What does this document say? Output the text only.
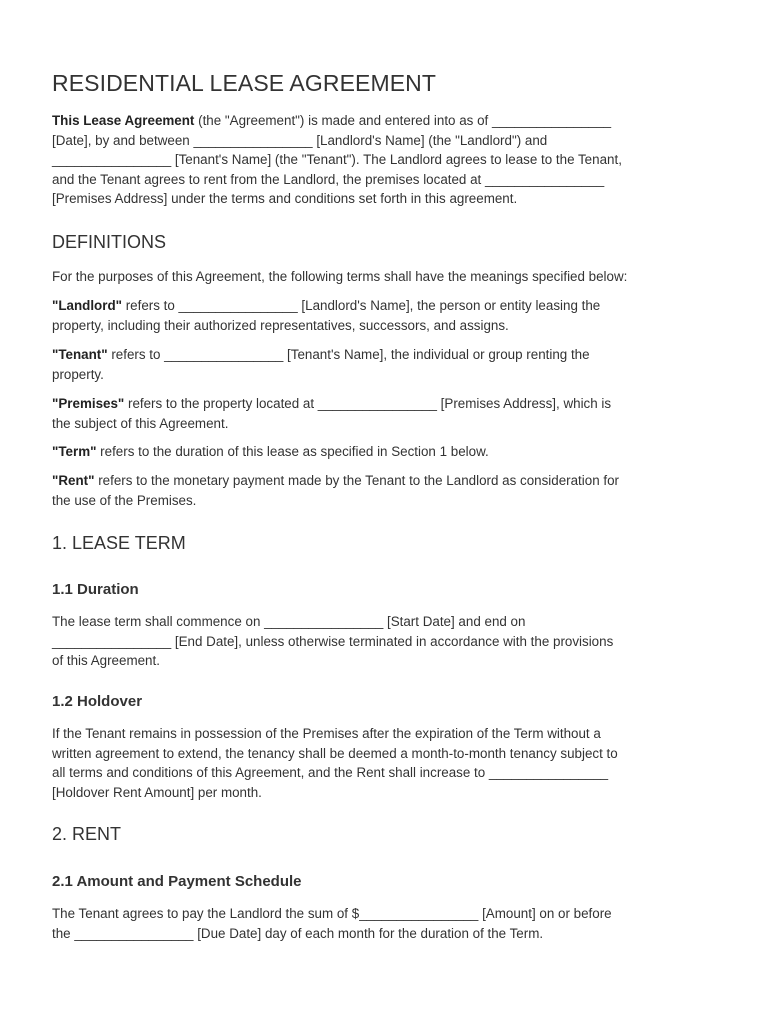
RESIDENTIAL LEASE AGREEMENT

This Lease Agreement (the "Agreement") is made and entered into as of ________________
[Date], by and between ________________ [Landlord's Name] (the "Landlord") and
________________ [Tenant's Name] (the "Tenant"). The Landlord agrees to lease to the Tenant,
and the Tenant agrees to rent from the Landlord, the premises located at ________________
[Premises Address] under the terms and conditions set forth in this agreement.

DEFINITIONS

For the purposes of this Agreement, the following terms shall have the meanings specified below:

"Landlord" refers to ________________ [Landlord's Name], the person or entity leasing the
property, including their authorized representatives, successors, and assigns.

"Tenant" refers to ________________ [Tenant's Name], the individual or group renting the
property.

"Premises" refers to the property located at ________________ [Premises Address], which is
the subject of this Agreement.

"Term" refers to the duration of this lease as specified in Section 1 below.

"Rent" refers to the monetary payment made by the Tenant to the Landlord as consideration for
the use of the Premises.

1. LEASE TERM
1.1 Duration

The lease term shall commence on ________________ [Start Date] and end on
________________ [End Date], unless otherwise terminated in accordance with the provisions
of this Agreement.

1.2 Holdover

If the Tenant remains in possession of the Premises after the expiration of the Term without a
written agreement to extend, the tenancy shall be deemed a month-to-month tenancy subject to
all terms and conditions of this Agreement, and the Rent shall increase to ________________
[Holdover Rent Amount] per month.

2. RENT
2.1 Amount and Payment Schedule

The Tenant agrees to pay the Landlord the sum of $________________ [Amount] on or before
the ________________ [Due Date] day of each month for the duration of the Term.
